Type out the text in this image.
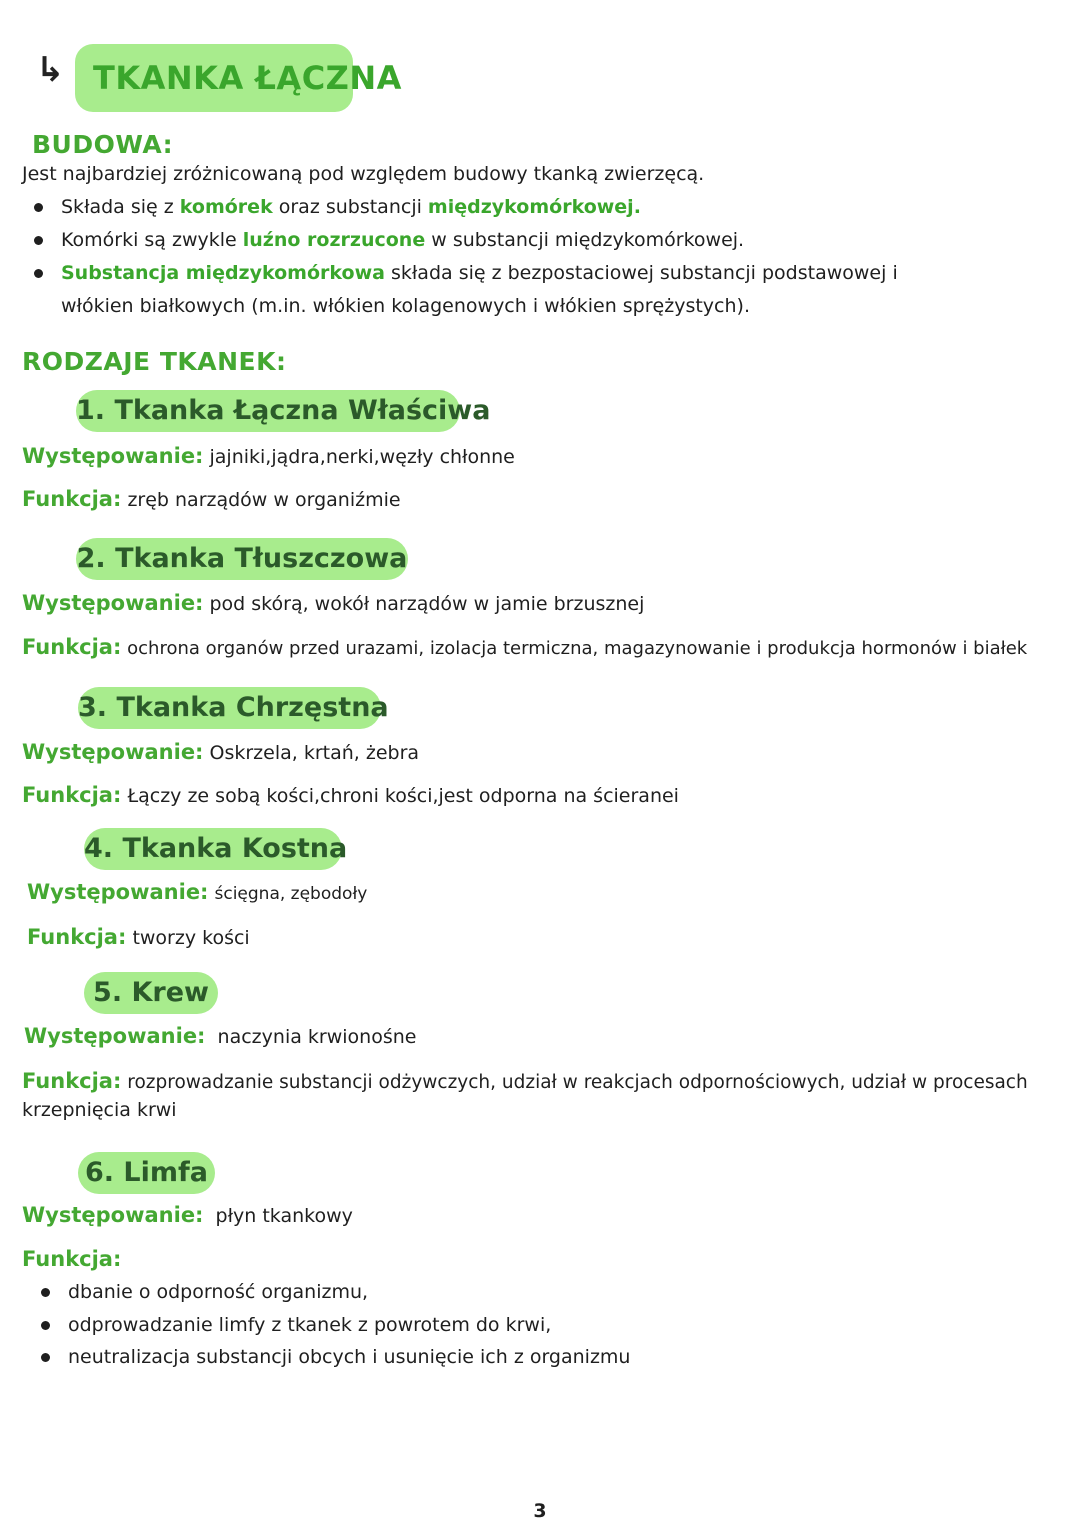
↳ TKANKA ŁĄCZNA
BUDOWA:
Jest najbardziej zróżnicowaną pod względem budowy tkanką zwierzęcą.
Składa się z komórek oraz substancji międzykomórkowej.
Komórki są zwykle luźno rozrzucone w substancji międzykomórkowej.
Substancja międzykomórkowa składa się z bezpostaciowej substancji podstawowej i
włókien białkowych (m.in. włókien kolagenowych i włókien sprężystych).
RODZAJE TKANEK:
1. Tkanka Łączna Właściwa
Występowanie: jajniki,jądra,nerki,węzły chłonne
Funkcja: zręb narządów w organiźmie
2. Tkanka Tłuszczowa
Występowanie: pod skórą, wokół narządów w jamie brzusznej
Funkcja: ochrona organów przed urazami, izolacja termiczna, magazynowanie i produkcja hormonów i białek
3. Tkanka Chrzęstna
Występowanie: Oskrzela, krtań, żebra
Funkcja: Łączy ze sobą kości,chroni kości,jest odporna na ścieranei
4. Tkanka Kostna
Występowanie: ścięgna, zębodoły
Funkcja: tworzy kości
5. Krew
Występowanie: naczynia krwionośne
Funkcja: rozprowadzanie substancji odżywczych, udział w reakcjach odpornościowych, udział w procesach
krzepnięcia krwi
6. Limfa
Występowanie: płyn tkankowy
Funkcja:
dbanie o odporność organizmu,
odprowadzanie limfy z tkanek z powrotem do krwi,
neutralizacja substancji obcych i usunięcie ich z organizmu
3
